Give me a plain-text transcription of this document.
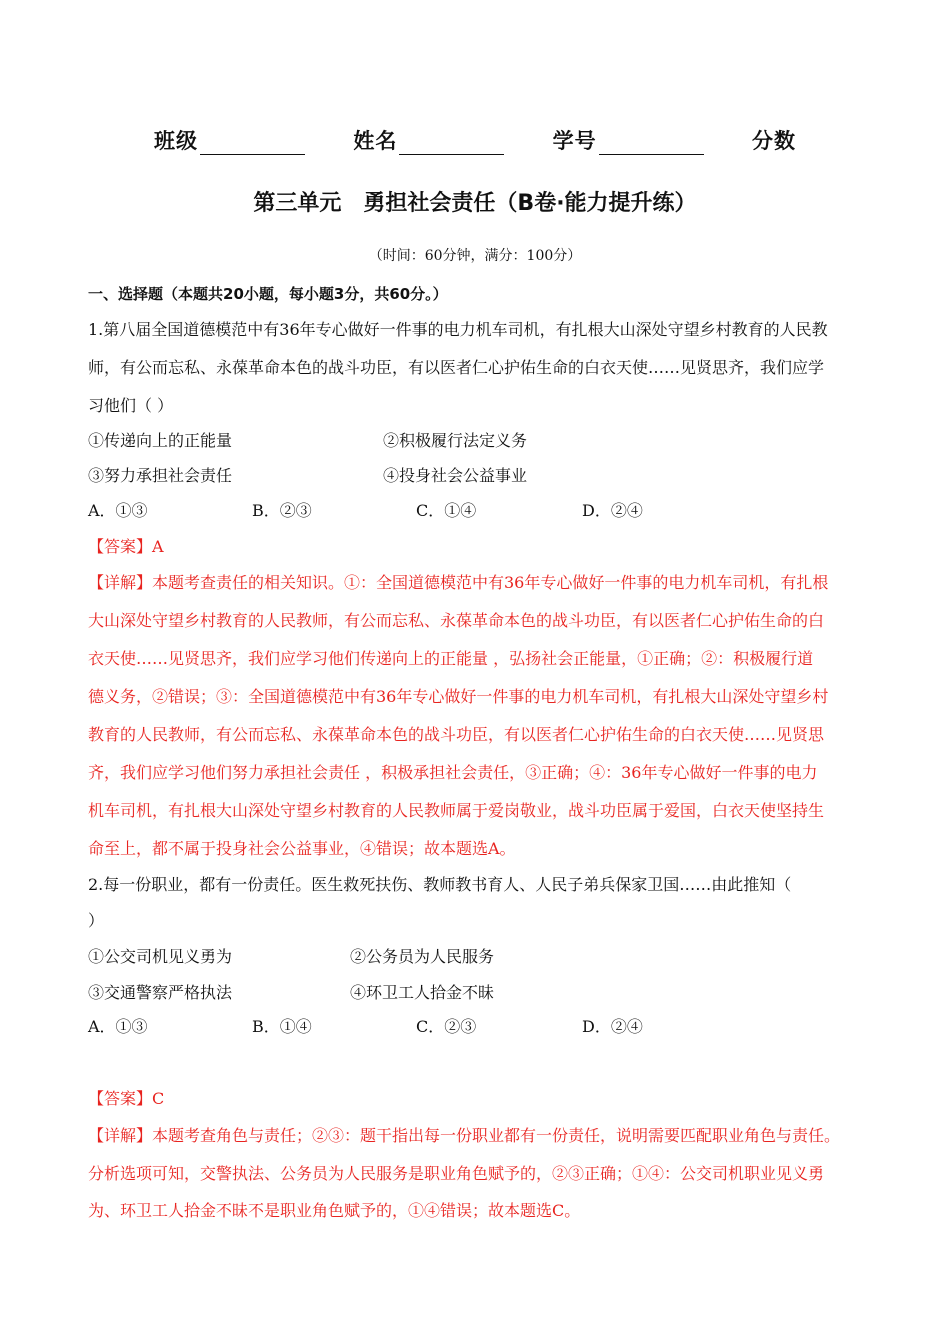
班级	姓名	学号	分数
第三单元　勇担社会责任（B卷·能力提升练）
（时间：60分钟，满分：100分）
一、选择题（本题共20小题，每小题3分，共60分。）
1.第八届全国道德模范中有36年专心做好一件事的电力机车司机，有扎根大山深处守望乡村教育的人民教
师，有公而忘私、永葆革命本色的战斗功臣，有以医者仁心护佑生命的白衣天使……见贤思齐，我们应学
习他们（ ）
①传递向上的正能量	②积极履行法定义务
③努力承担社会责任	④投身社会公益事业
A．①③	B．②③	C．①④	D．②④
【答案】A
【详解】本题考查责任的相关知识。①：全国道德模范中有36年专心做好一件事的电力机车司机，有扎根
大山深处守望乡村教育的人民教师，有公而忘私、永葆革命本色的战斗功臣，有以医者仁心护佑生命的白
衣天使……见贤思齐，我们应学习他们传递向上的正能量 ，弘扬社会正能量，①正确；②：积极履行道
德义务，②错误；③：全国道德模范中有36年专心做好一件事的电力机车司机，有扎根大山深处守望乡村
教育的人民教师，有公而忘私、永葆革命本色的战斗功臣，有以医者仁心护佑生命的白衣天使……见贤思
齐，我们应学习他们努力承担社会责任 ，积极承担社会责任，③正确；④：36年专心做好一件事的电力
机车司机，有扎根大山深处守望乡村教育的人民教师属于爱岗敬业，战斗功臣属于爱国，白衣天使坚持生
命至上，都不属于投身社会公益事业，④错误；故本题选A。
2.每一份职业，都有一份责任。医生救死扶伤、教师教书育人、人民子弟兵保家卫国……由此推知（
）
①公交司机见义勇为	②公务员为人民服务
③交通警察严格执法	④环卫工人拾金不昧
A．①③	B．①④	C．②③	D．②④
【答案】C
【详解】本题考查角色与责任；②③：题干指出每一份职业都有一份责任，说明需要匹配职业角色与责任。
分析选项可知，交警执法、公务员为人民服务是职业角色赋予的，②③正确；①④：公交司机职业见义勇
为、环卫工人拾金不昧不是职业角色赋予的，①④错误；故本题选C。
